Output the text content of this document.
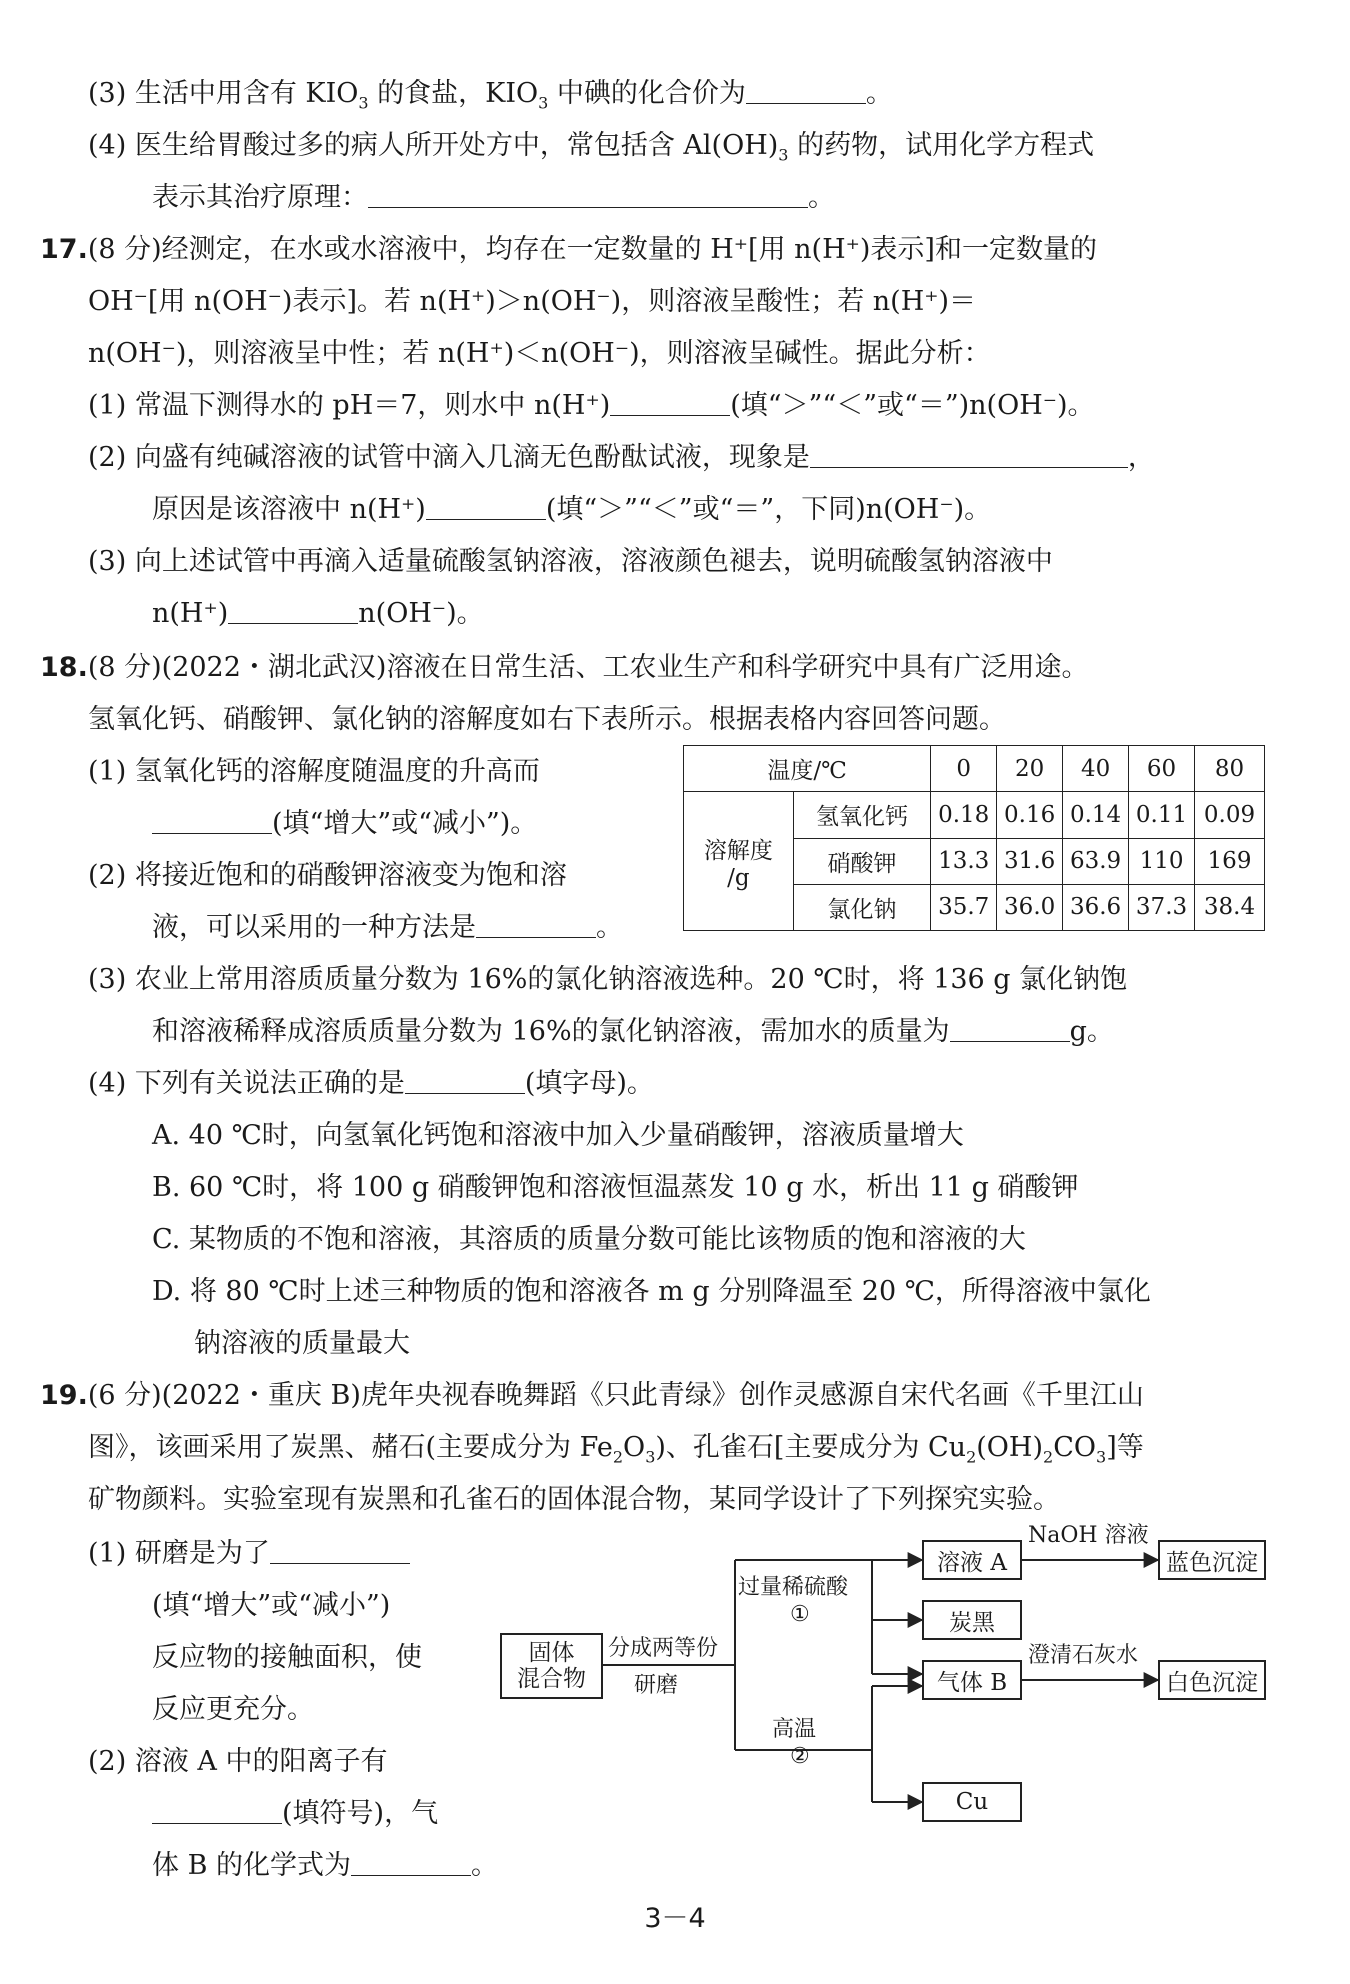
(3) 生活中用含有 $KIO_3$ 的食盐，$KIO_3$ 中碘的化合价为	。
(4) 医生给胃酸过多的病人所开处方中，常包括含 $Al(OH)_3$ 的药物，试用化学方程式
表示其治疗原理：	。
17.(8 分)经测定，在水或水溶液中，均存在一定数量的 H⁺[用 n(H⁺)表示]和一定数量的
OH⁻[用 n(OH⁻)表示]。若 n(H⁺)＞n(OH⁻)，则溶液呈酸性；若 n(H⁺)＝
n(OH⁻)，则溶液呈中性；若 n(H⁺)＜n(OH⁻)，则溶液呈碱性。据此分析：
(1) 常温下测得水的 pH＝7，则水中 n(H⁺)	(填“＞”“＜”或“＝”)n(OH⁻)。
(2) 向盛有纯碱溶液的试管中滴入几滴无色酚酞试液，现象是	，
原因是该溶液中 n(H⁺)	(填“＞”“＜”或“＝”，下同)n(OH⁻)。
(3) 向上述试管中再滴入适量硫酸氢钠溶液，溶液颜色褪去，说明硫酸氢钠溶液中
n(H⁺)	n(OH⁻)。
18.(8 分)(2022・湖北武汉)溶液在日常生活、工农业生产和科学研究中具有广泛用途。
氢氧化钙、硝酸钾、氯化钠的溶解度如右下表所示。根据表格内容回答问题。
(1) 氢氧化钙的溶解度随温度的升高而
(填“增大”或“减小”)。
(2) 将接近饱和的硝酸钾溶液变为饱和溶
液，可以采用的一种方法是	。
温度/℃		0	20	40	60	80
溶解度
/g	氢氧化钙	0.18	0.16	0.14	0.11	0.09
	硝酸钾	13.3	31.6	63.9	110	169
	氯化钠	35.7	36.0	36.6	37.3	38.4
(3) 农业上常用溶质质量分数为 16%的氯化钠溶液选种。20 ℃时，将 136 g 氯化钠饱
和溶液稀释成溶质质量分数为 16%的氯化钠溶液，需加水的质量为	g。
(4) 下列有关说法正确的是	(填字母)。
A. 40 ℃时，向氢氧化钙饱和溶液中加入少量硝酸钾，溶液质量增大
B. 60 ℃时，将 100 g 硝酸钾饱和溶液恒温蒸发 10 g 水，析出 11 g 硝酸钾
C. 某物质的不饱和溶液，其溶质的质量分数可能比该物质的饱和溶液的大
D. 将 80 ℃时上述三种物质的饱和溶液各 m g 分别降温至 20 ℃，所得溶液中氯化
钠溶液的质量最大
19.(6 分)(2022・重庆 B)虎年央视春晚舞蹈《只此青绿》创作灵感源自宋代名画《千里江山
图》，该画采用了炭黑、赭石(主要成分为 $Fe_2O_3$)、孔雀石[主要成分为 $Cu_2(OH)_2CO_3$]等
矿物颜料。实验室现有炭黑和孔雀石的固体混合物，某同学设计了下列探究实验。
(1) 研磨是为了
(填“增大”或“减小”)
反应物的接触面积，使
反应更充分。
(2) 溶液 A 中的阳离子有
(填符号)，气
体 B 的化学式为	。
固体
混合物
分成两等份
研磨
过量稀硫酸
①
高温
②
溶液 A
NaOH 溶液
蓝色沉淀
炭黑
气体 B
澄清石灰水
白色沉淀
Cu
3－4
